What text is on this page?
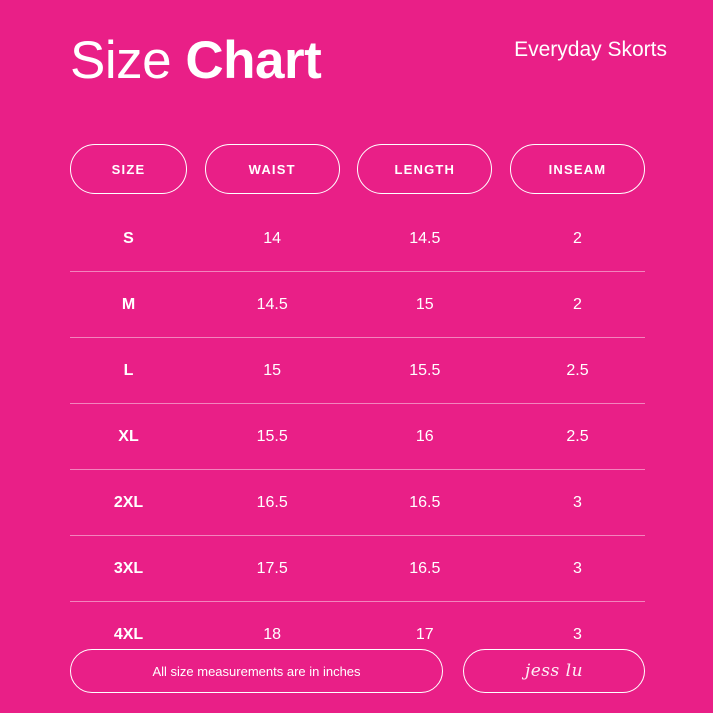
Size Chart	Everyday Skorts
SIZE	WAIST	LENGTH	INSEAM
S	14	14.5	2
M	14.5	15	2
L	15	15.5	2.5
XL	15.5	16	2.5
2XL	16.5	16.5	3
3XL	17.5	16.5	3
4XL	18	17	3
All size measurements are in inches	jess lu
